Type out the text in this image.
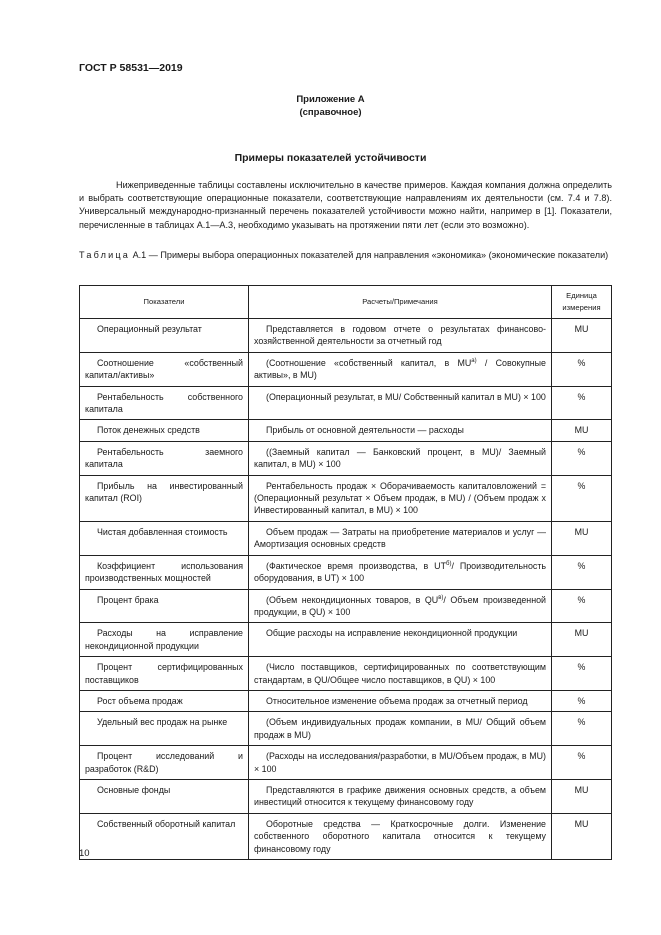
ГОСТ Р 58531—2019
Приложение А
(справочное)
Примеры показателей устойчивости

Нижеприведенные таблицы составлены исключительно в качестве примеров. Каждая компания должна определить и выбрать соответствующие операционные показатели, соответствующие направлениям их деятельности (см. 7.4 и 7.8). Универсальный международно-признанный перечень показателей устойчивости можно найти, например в [1]. Показатели, перечисленные в таблицах А.1—А.3, необходимо указывать на протяжении пяти лет (если это возможно).

Таблица А.1 — Примеры выбора операционных показателей для направления «экономика» (экономические показатели)
Показатели	Расчеты/Примечания	Единица измерения
Операционный результат	Представляется в годовом отчете о результатах финансово-хозяйственной деятельности за отчетный год	MU
Соотношение «собственный капитал/активы»	(Соотношение «собственный капитал, в $MU^{а)}$ / Совокупные активы», в MU)	%
Рентабельность собственного капитала	(Операционный результат, в MU/ Собственный капитал в MU) × 100	%
Поток денежных средств	Прибыль от основной деятельности — расходы	MU
Рентабельность заемного капитала	((Заемный капитал — Банковский процент, в MU)/ Заемный капитал, в MU) × 100	%
Прибыль на инвестированный капитал (ROI)	Рентабельность продаж × Оборачиваемость капиталовложений = (Операционный результат × Объем продаж, в MU) / (Объем продаж x Инвестированный капитал, в MU) × 100	%
Чистая добавленная стоимость	Объем продаж — Затраты на приобретение материалов и услуг — Амортизация основных средств	MU
Коэффициент использования производственных мощностей	(Фактическое время производства, в $UT^{б)}/$ Производительность оборудования, в UT) × 100	%
Процент брака	(Объем некондиционных товаров, в $QU^{в)}/$ Объем произведенной продукции, в QU) × 100	%
Расходы на исправление некондиционной продукции	Общие расходы на исправление некондиционной продукции	MU
Процент сертифицированных поставщиков	(Число поставщиков, сертифицированных по соответствующим стандартам, в QU/Общее число поставщиков, в QU) × 100	%
Рост объема продаж	Относительное изменение объема продаж за отчетный период	%
Удельный вес продаж на рынке	(Объем индивидуальных продаж компании, в MU/ Общий объем продаж в MU)	%
Процент исследований и разработок (R&D)	(Расходы на исследования/разработки, в MU/Объем продаж, в MU) × 100	%
Основные фонды	Представляются в графике движения основных средств, а объем инвестиций относится к текущему финансовому году	MU
Собственный оборотный капитал	Оборотные средства — Краткосрочные долги. Изменение собственного оборотного капитала относится к текущему финансовому году	MU
10
